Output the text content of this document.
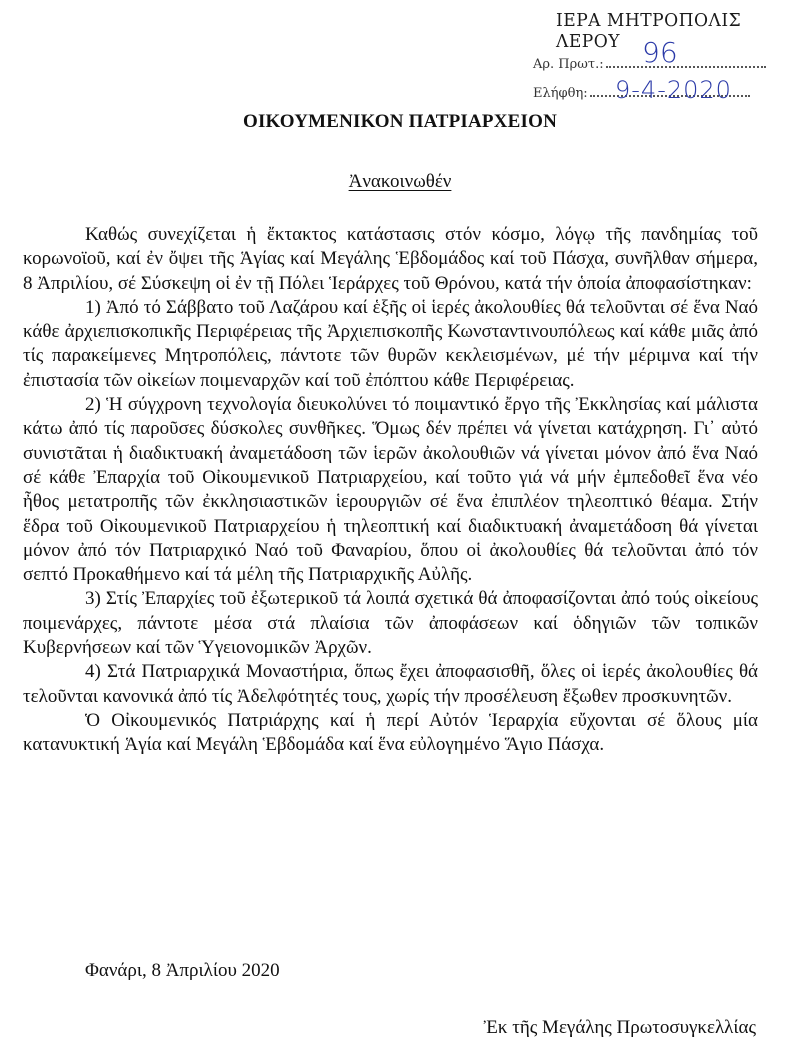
ΙΕΡΑ ΜΗΤΡΟΠΟΛΙΣ ΛΕΡΟΥ
Αρ. Πρωτ.:
Ελήφθη:
96
9-4-2020
ΟΙΚΟΥΜΕΝΙΚΟΝ ΠΑΤΡΙΑΡΧΕΙΟΝ
Ἀνακοινωθέν

Καθώς συνεχίζεται ἡ ἔκτακτος κατάστασις στόν κόσμο, λόγῳ τῆς πανδημίας τοῦ κορωνοϊοῦ, καί ἐν ὄψει τῆς Ἁγίας καί Μεγάλης Ἑβδομάδος καί τοῦ Πάσχα, συνῆλθαν σήμερα, 8 Ἀπριλίου, σέ Σύσκεψη οἱ ἐν τῇ Πόλει Ἱεράρχες τοῦ Θρόνου, κατά τήν ὁποία ἀποφασίστηκαν:

1) Ἀπό τό Σάββατο τοῦ Λαζάρου καί ἑξῆς οἱ ἱερές ἀκολουθίες θά τελοῦνται σέ ἕνα Ναό κάθε ἀρχιεπισκοπικῆς Περιφέρειας τῆς Ἀρχιεπισκοπῆς Κωνσταντινουπόλεως καί κάθε μιᾶς ἀπό τίς παρακείμενες Μητροπόλεις, πάντοτε τῶν θυρῶν κεκλεισμένων, μέ τήν μέριμνα καί τήν ἐπιστασία τῶν οἰκείων ποιμεναρχῶν καί τοῦ ἐπόπτου κάθε Περιφέρειας.

2) Ἡ σύγχρονη τεχνολογία διευκολύνει τό ποιμαντικό ἔργο τῆς Ἐκκλησίας καί μάλιστα κάτω ἀπό τίς παροῦσες δύσκολες συνθῆκες. Ὅμως δέν πρέπει νά γίνεται κατάχρηση. Γι᾽ αὐτό συνιστᾶται ἡ διαδικτυακή ἀναμετάδοση τῶν ἱερῶν ἀκολουθιῶν νά γίνεται μόνον ἀπό ἕνα Ναό σέ κάθε Ἐπαρχία τοῦ Οἰκουμενικοῦ Πατριαρχείου, καί τοῦτο γιά νά μήν ἐμπεδοθεῖ ἕνα νέο ἦθος μετατροπῆς τῶν ἐκκλησιαστικῶν ἱερουργιῶν σέ ἕνα ἐπιπλέον τηλεοπτικό θέαμα. Στήν ἕδρα τοῦ Οἰκουμενικοῦ Πατριαρχείου ἡ τηλεοπτική καί διαδικτυακή ἀναμετάδοση θά γίνεται μόνον ἀπό τόν Πατριαρχικό Ναό τοῦ Φαναρίου, ὅπου οἱ ἀκολουθίες θά τελοῦνται ἀπό τόν σεπτό Προκαθήμενο καί τά μέλη τῆς Πατριαρχικῆς Αὐλῆς.

3) Στίς Ἐπαρχίες τοῦ ἐξωτερικοῦ τά λοιπά σχετικά θά ἀποφασίζονται ἀπό τούς οἰκείους ποιμενάρχες, πάντοτε μέσα στά πλαίσια τῶν ἀποφάσεων καί ὁδηγιῶν τῶν τοπικῶν Κυβερνήσεων καί τῶν Ὑγειονομικῶν Ἀρχῶν.

4) Στά Πατριαρχικά Μοναστήρια, ὅπως ἔχει ἀποφασισθῆ, ὅλες οἱ ἱερές ἀκολουθίες θά τελοῦνται κανονικά ἀπό τίς Ἀδελφότητές τους, χωρίς τήν προσέλευση ἔξωθεν προσκυνητῶν.

Ὁ Οἰκουμενικός Πατριάρχης καί ἡ περί Αὐτόν Ἱεραρχία εὔχονται σέ ὅλους μία κατανυκτική Ἁγία καί Μεγάλη Ἑβδομάδα καί ἕνα εὐλογημένο Ἅγιο Πάσχα.

Φανάρι, 8 Ἀπριλίου 2020
Ἐκ τῆς Μεγάλης Πρωτοσυγκελλίας
